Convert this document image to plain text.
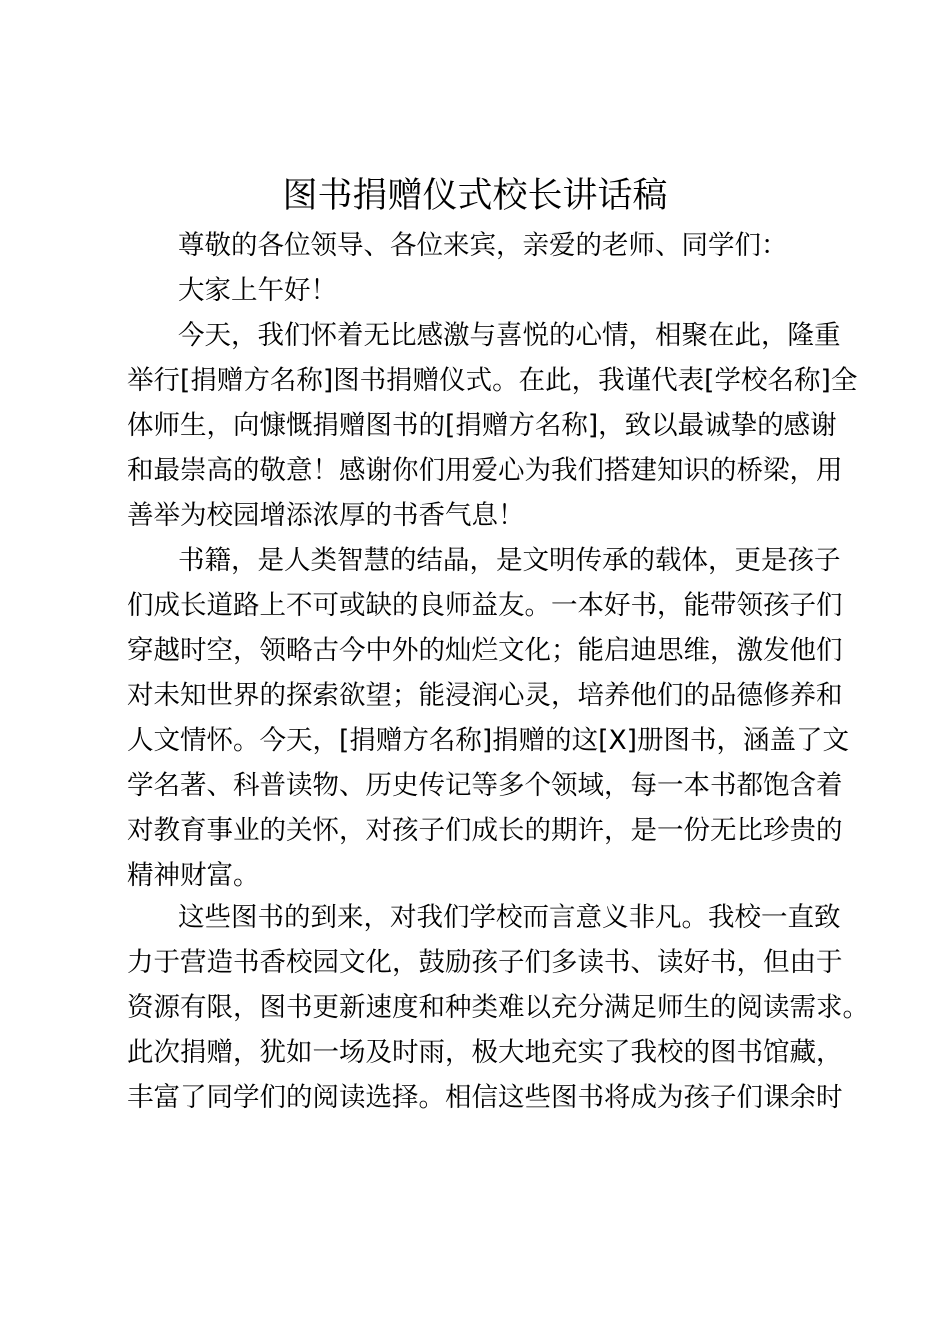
图书捐赠仪式校长讲话稿
尊敬的各位领导、各位来宾，亲爱的老师、同学们：
大家上午好！
今天，我们怀着无比感激与喜悦的心情，相聚在此，隆重
举行[捐赠方名称]图书捐赠仪式。在此，我谨代表[学校名称]全
体师生，向慷慨捐赠图书的[捐赠方名称]，致以最诚挚的感谢
和最崇高的敬意！感谢你们用爱心为我们搭建知识的桥梁，用
善举为校园增添浓厚的书香气息！
书籍，是人类智慧的结晶，是文明传承的载体，更是孩子
们成长道路上不可或缺的良师益友。一本好书，能带领孩子们
穿越时空，领略古今中外的灿烂文化；能启迪思维，激发他们
对未知世界的探索欲望；能浸润心灵，培养他们的品德修养和
人文情怀。今天，[捐赠方名称]捐赠的这[X]册图书，涵盖了文
学名著、科普读物、历史传记等多个领域，每一本书都饱含着
对教育事业的关怀，对孩子们成长的期许，是一份无比珍贵的
精神财富。
这些图书的到来，对我们学校而言意义非凡。我校一直致
力于营造书香校园文化，鼓励孩子们多读书、读好书，但由于
资源有限，图书更新速度和种类难以充分满足师生的阅读需求。
此次捐赠，犹如一场及时雨，极大地充实了我校的图书馆藏，
丰富了同学们的阅读选择。相信这些图书将成为孩子们课余时
